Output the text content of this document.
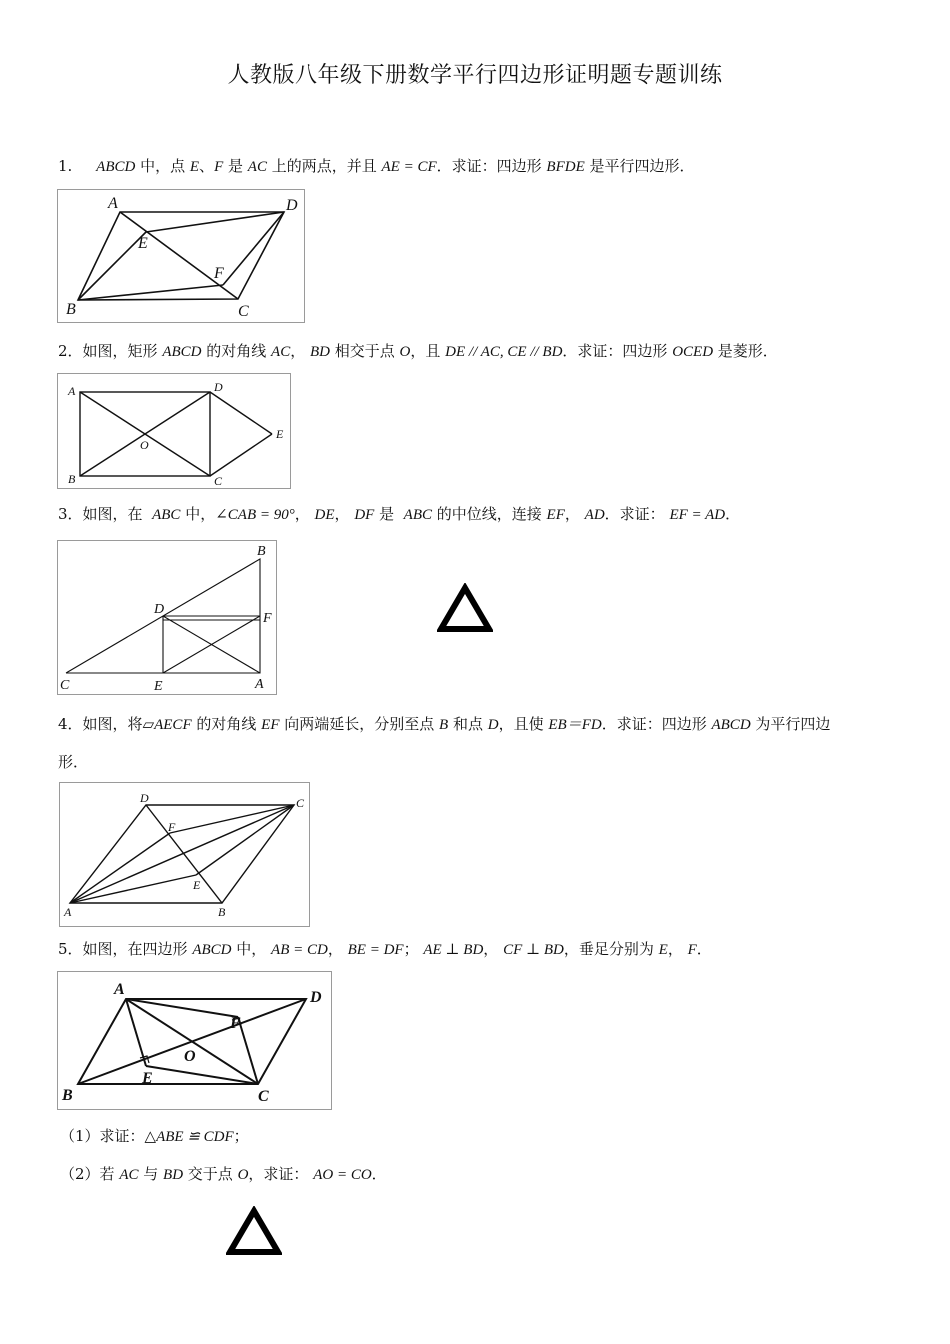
人教版八年级下册数学平行四边形证明题专题训练
1. ABCD 中，点 E、F 是 AC 上的两点，并且 AE = CF．求证：四边形 BFDE 是平行四边形．
A	D
E
F
B	C
2．如图，矩形 ABCD 的对角线 AC， BD 相交于点 O，且 DE // AC, CE // BD．求证：四边形 OCED 是菱形．
A	D
O
E
B	C
3．如图，在  ABC 中，∠CAB = 90°， DE， DF 是  ABC 的中位线，连接 EF， AD．求证： EF = AD．
B
D
F
C	E	A
4．如图，将▱AECF 的对角线 EF 向两端延长，分别至点 B 和点 D，且使 EB＝FD．求证：四边形 ABCD 为平行四边
形．
D	C
F
E
A	B
5．如图，在四边形 ABCD 中， AB = CD， BE = DF； AE ⊥ BD， CF ⊥ BD，垂足分别为 E， F．
A	D
F
O
E
B	C
（1）求证：△ABE ≌ CDF；
（2）若 AC 与 BD 交于点 O，求证： AO = CO．
